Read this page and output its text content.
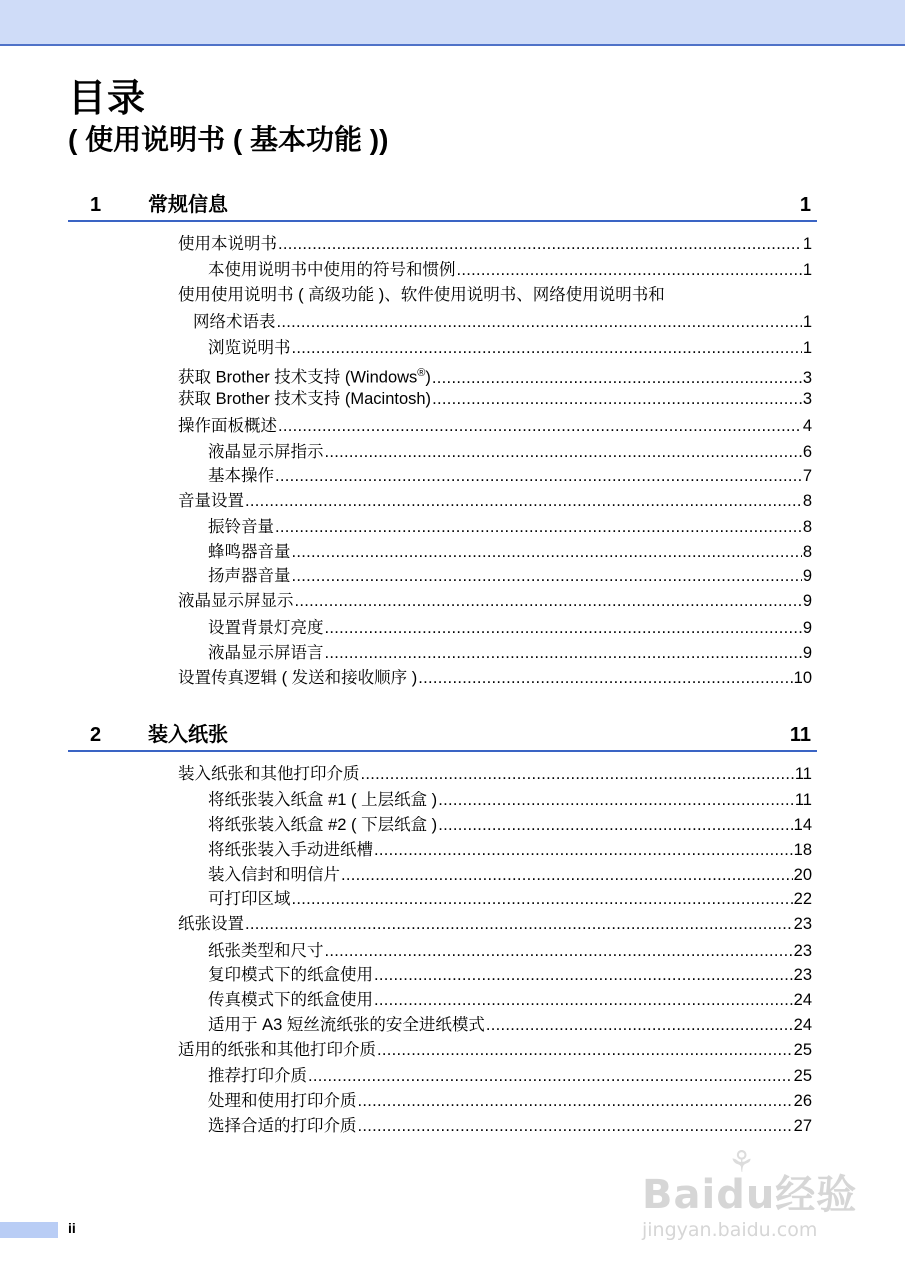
目录
( 使用说明书 ( 基本功能 ))
1 常规信息	1
使用本说明书 .....	1
本使用说明书中使用的符号和惯例 .....	1
使用使用说明书 ( 高级功能 )、软件使用说明书、网络使用说明书和
网络术语表 .....	1
浏览说明书 .....	1
获取 Brother 技术支持 (Windows®) .....	3
获取 Brother 技术支持 (Macintosh) .....	3
操作面板概述 .....	4
液晶显示屏指示 .....	6
基本操作 .....	7
音量设置 .....	8
振铃音量 .....	8
蜂鸣器音量 .....	8
扬声器音量 .....	9
液晶显示屏显示 .....	9
设置背景灯亮度 .....	9
液晶显示屏语言 .....	9
设置传真逻辑 ( 发送和接收顺序 ) .....	10
2 装入纸张	11
装入纸张和其他打印介质 .....	11
将纸张装入纸盒 #1 ( 上层纸盒 ) .....	11
将纸张装入纸盒 #2 ( 下层纸盒 ) .....	14
将纸张装入手动进纸槽 .....	18
装入信封和明信片 .....	20
可打印区域 .....	22
纸张设置 .....	23
纸张类型和尺寸 .....	23
复印模式下的纸盒使用 .....	23
传真模式下的纸盒使用 .....	24
适用于 A3 短丝流纸张的安全进纸模式 .....	24
适用的纸张和其他打印介质 .....	25
推荐打印介质 .....	25
处理和使用打印介质 .....	26
选择合适的打印介质 .....	27
ii
⚘
Baidu经验
jingyan.baidu.com
